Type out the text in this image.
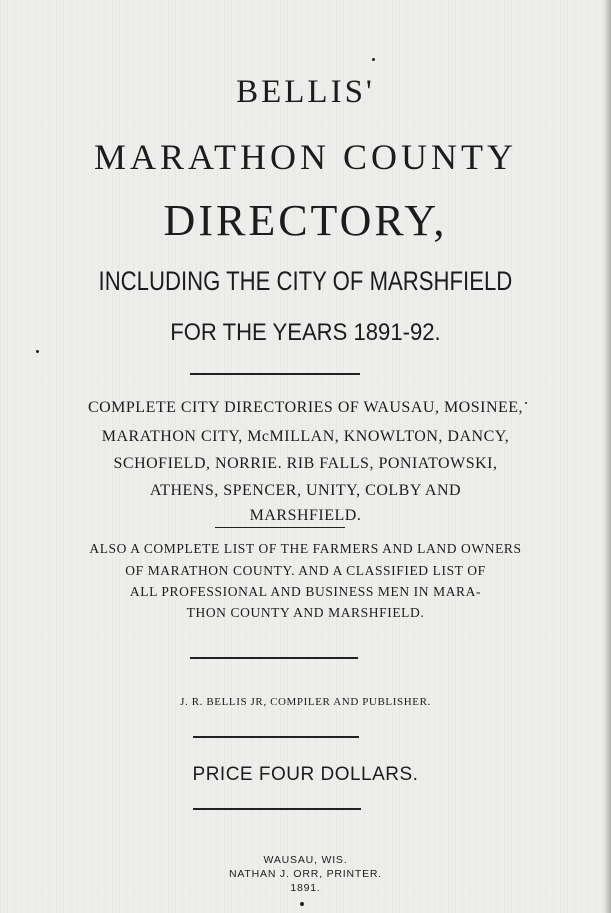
BELLIS'
MARATHON COUNTY
DIRECTORY,
INCLUDING THE CITY OF MARSHFIELD
FOR THE YEARS 1891-92.
COMPLETE CITY DIRECTORIES OF WAUSAU, MOSINEE,
MARATHON CITY, McMILLAN, KNOWLTON, DANCY,
SCHOFIELD, NORRIE. RIB FALLS, PONIATOWSKI,
ATHENS, SPENCER, UNITY, COLBY AND
MARSHFIELD.
ALSO A COMPLETE LIST OF THE FARMERS AND LAND OWNERS
OF MARATHON COUNTY. AND A CLASSIFIED LIST OF
ALL PROFESSIONAL AND BUSINESS MEN IN MARA-
THON COUNTY AND MARSHFIELD.
J. R. BELLIS JR, COMPILER AND PUBLISHER.
PRICE FOUR DOLLARS.
WAUSAU, WIS.
NATHAN J. ORR, PRINTER.
1891.
